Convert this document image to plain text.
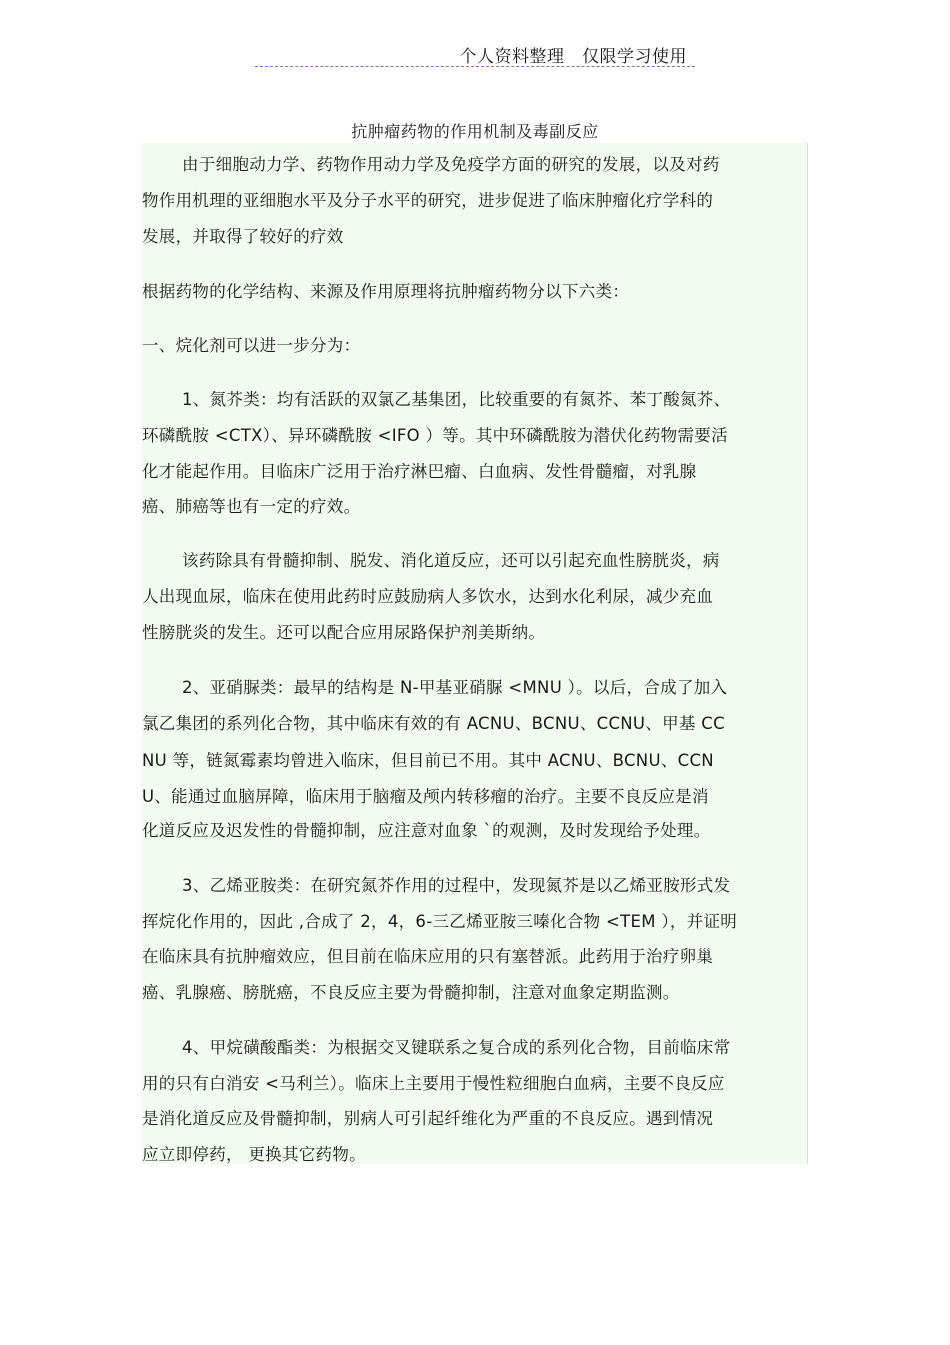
个人资料整理　仅限学习使用
抗肿瘤药物的作用机制及毒副反应
由于细胞动力学、药物作用动力学及免疫学方面的研究的发展，以及对药
物作用机理的亚细胞水平及分子水平的研究，进步促进了临床肿瘤化疗学科的
发展，并取得了较好的疗效
根据药物的化学结构、来源及作用原理将抗肿瘤药物分以下六类：
一、烷化剂可以进一步分为：
1、氮芥类：均有活跃的双氯乙基集团，比较重要的有氮芥、苯丁酸氮芥、
环磷酰胺 <CTX）、异环磷酰胺 <IFO ）等。其中环磷酰胺为潜伏化药物需要活
化才能起作用。目临床广泛用于治疗淋巴瘤、白血病、发性骨髓瘤，对乳腺
癌、肺癌等也有一定的疗效。
该药除具有骨髓抑制、脱发、消化道反应，还可以引起充血性膀胱炎，病
人出现血尿，临床在使用此药时应鼓励病人多饮水，达到水化利尿，减少充血
性膀胱炎的发生。还可以配合应用尿路保护剂美斯纳。
2、亚硝脲类：最早的结构是 N-甲基亚硝脲 <MNU ）。以后，合成了加入
氯乙集团的系列化合物，其中临床有效的有 ACNU、BCNU、CCNU、甲基 CC
NU 等，链氮霉素均曾进入临床，但目前已不用。其中 ACNU、BCNU、CCN
U、能通过血脑屏障，临床用于脑瘤及颅内转移瘤的治疗。主要不良反应是消
化道反应及迟发性的骨髓抑制，应注意对血象 `的观测，及时发现给予处理。
3、乙烯亚胺类：在研究氮芥作用的过程中，发现氮芥是以乙烯亚胺形式发
挥烷化作用的，因此 ,合成了 2，4，6-三乙烯亚胺三嗪化合物 <TEM ），并证明
在临床具有抗肿瘤效应，但目前在临床应用的只有塞替派。此药用于治疗卵巢
癌、乳腺癌、膀胱癌，不良反应主要为骨髓抑制，注意对血象定期监测。
4、甲烷磺酸酯类：为根据交叉键联系之复合成的系列化合物，目前临床常
用的只有白消安 <马利兰）。临床上主要用于慢性粒细胞白血病，主要不良反应
是消化道反应及骨髓抑制，别病人可引起纤维化为严重的不良反应。遇到情况
应立即停药， 更换其它药物。
